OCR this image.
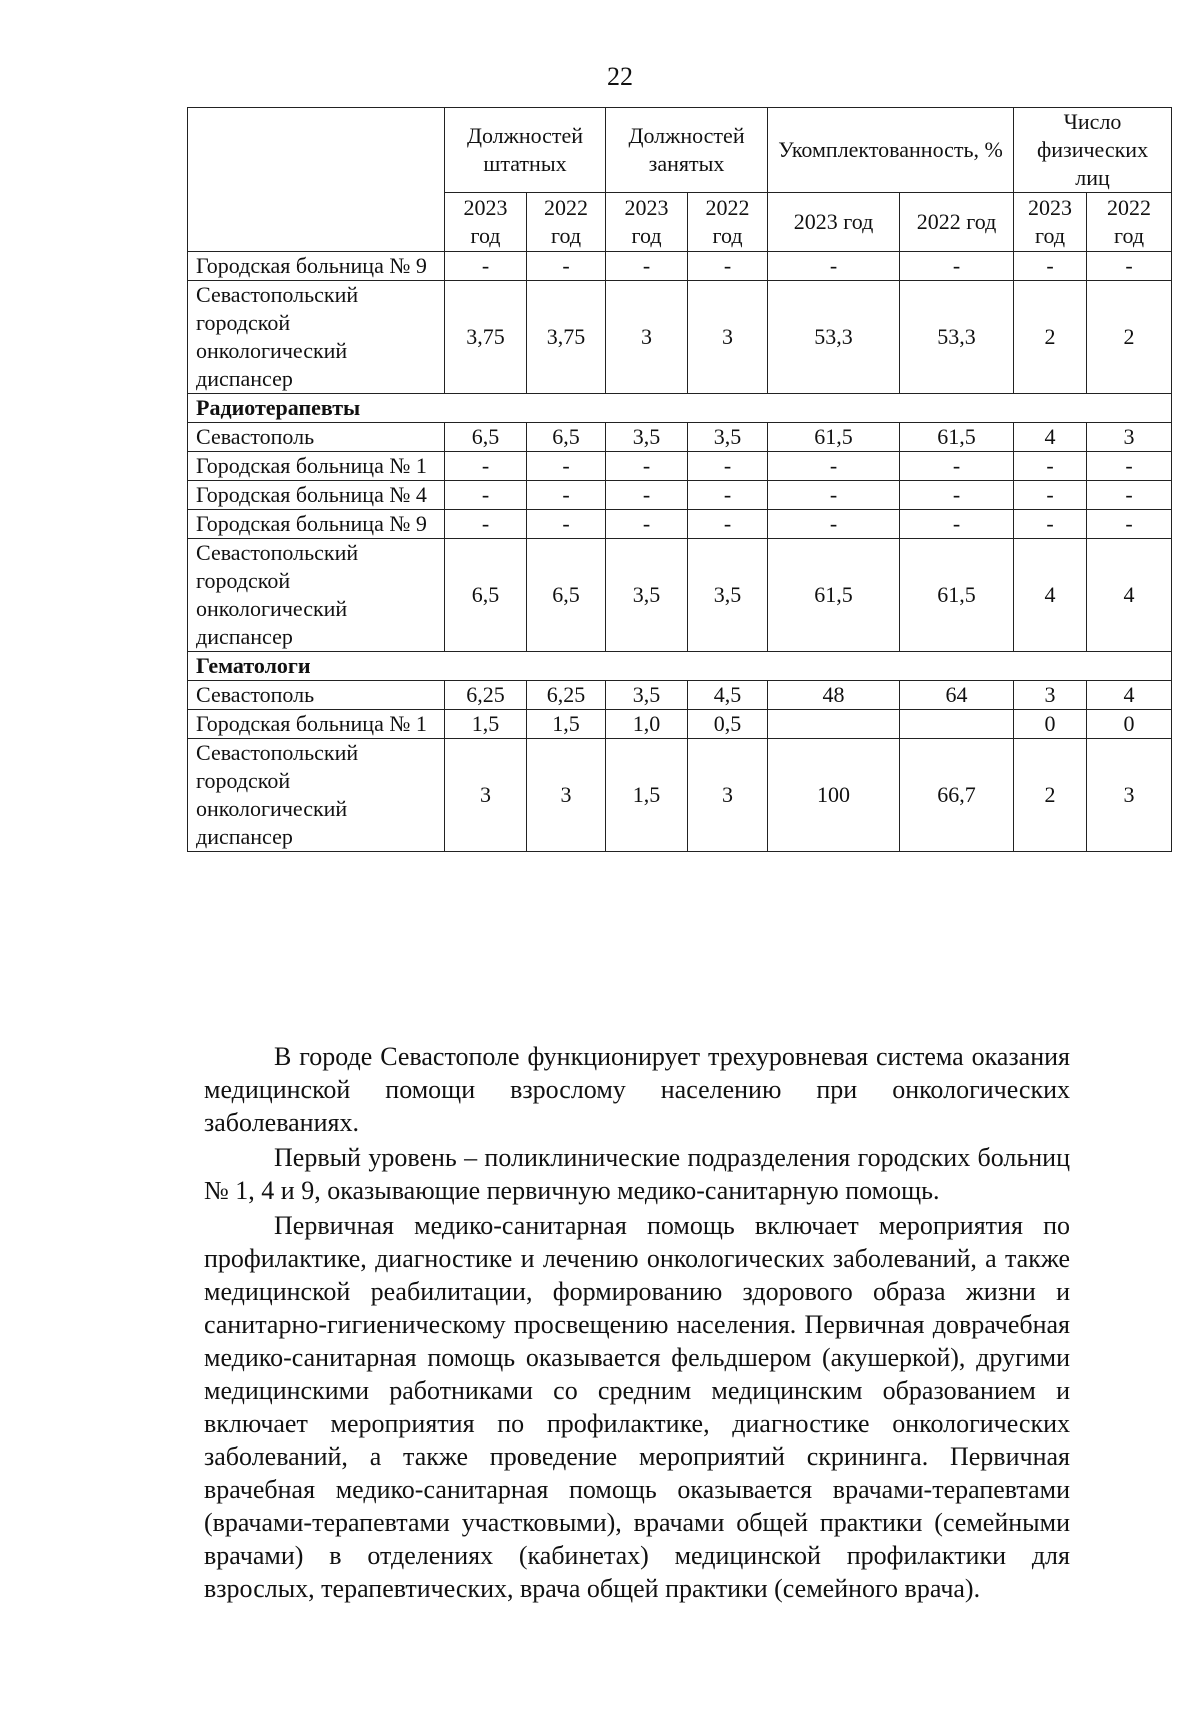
22
	Должностей штатных		Должностей занятых		Укомплектованность, %		Число физических лиц	
	2023 год	2022 год	2023 год	2022 год	2023 год	2022 год	2023 год	2022 год
Городская больница № 9	-	-	-	-	-	-	-	-
Севастопольский городской онкологический диспансер	3,75	3,75	3	3	53,3	53,3	2	2
Радиотерапевты								
Севастополь	6,5	6,5	3,5	3,5	61,5	61,5	4	3
Городская больница № 1	-	-	-	-	-	-	-	-
Городская больница № 4	-	-	-	-	-	-	-	-
Городская больница № 9	-	-	-	-	-	-	-	-
Севастопольский городской онкологический диспансер	6,5	6,5	3,5	3,5	61,5	61,5	4	4
Гематологи								
Севастополь	6,25	6,25	3,5	4,5	48	64	3	4
Городская больница № 1	1,5	1,5	1,0	0,5			0	0
Севастопольский городской онкологический диспансер	3	3	1,5	3	100	66,7	2	3

В городе Севастополе функционирует трехуровневая система оказания медицинской помощи взрослому населению при онкологических заболеваниях.

Первый уровень – поликлинические подразделения городских больниц № 1, 4 и 9, оказывающие первичную медико-санитарную помощь.

Первичная медико-санитарная помощь включает мероприятия по профилактике, диагностике и лечению онкологических заболеваний, а также медицинской реабилитации, формированию здорового образа жизни и санитарно-гигиеническому просвещению населения. Первичная доврачебная медико-санитарная помощь оказывается фельдшером (акушеркой), другими медицинскими работниками со средним медицинским образованием и включает мероприятия по профилактике, диагностике онкологических заболеваний, а также проведение мероприятий скрининга. Первичная врачебная медико-санитарная помощь оказывается врачами-терапевтами (врачами-терапевтами участковыми), врачами общей практики (семейными врачами) в отделениях (кабинетах) медицинской профилактики для взрослых, терапевтических, врача общей практики (семейного врача).
